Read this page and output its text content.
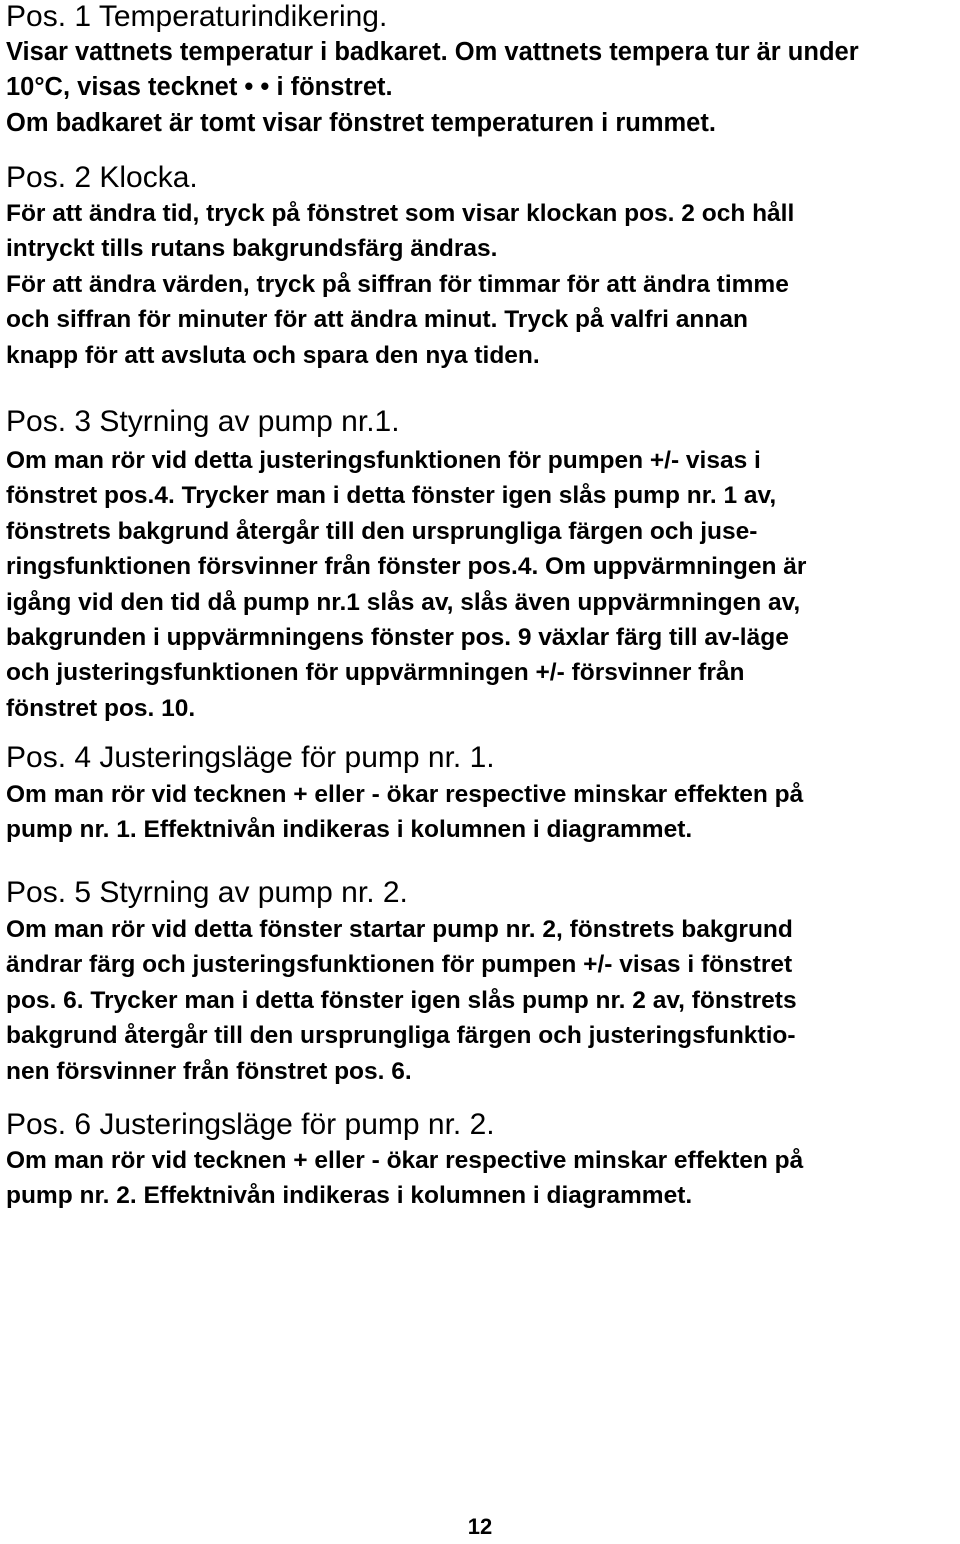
Pos. 1 Temperaturindikering.
Visar vattnets temperatur i badkaret. Om vattnets tempera tur är under
10°C, visas tecknet • • i fönstret.
Om badkaret är tomt visar fönstret temperaturen i rummet.
Pos. 2 Klocka.
För att ändra tid, tryck på fönstret som visar klockan pos. 2 och håll
intryckt tills rutans bakgrundsfärg ändras.
För att ändra värden, tryck på siffran för timmar för att ändra timme
och siffran för minuter för att ändra minut. Tryck på valfri annan
knapp för att avsluta och spara den nya tiden.
Pos. 3 Styrning av pump nr.1.
Om man rör vid detta justeringsfunktionen för pumpen +/- visas i
fönstret pos.4. Trycker man i detta fönster igen slås pump nr. 1 av,
fönstrets bakgrund återgår till den ursprungliga färgen och juse-
ringsfunktionen försvinner från fönster pos.4. Om uppvärmningen är
igång vid den tid då pump nr.1 slås av, slås även uppvärmningen av,
bakgrunden i uppvärmningens fönster pos. 9 växlar färg till av-läge
och justeringsfunktionen för uppvärmningen +/- försvinner från
fönstret pos. 10.
Pos. 4 Justeringsläge för pump nr. 1.
Om man rör vid tecknen + eller - ökar respective minskar effekten på
pump nr. 1. Effektnivån indikeras i kolumnen i diagrammet.
Pos. 5 Styrning av pump nr. 2.
Om man rör vid detta fönster startar pump nr. 2, fönstrets bakgrund
ändrar färg och justeringsfunktionen för pumpen +/- visas i fönstret
pos. 6. Trycker man i detta fönster igen slås pump nr. 2 av, fönstrets
bakgrund återgår till den ursprungliga färgen och justeringsfunktio-
nen försvinner från fönstret pos. 6.
Pos. 6 Justeringsläge för pump nr. 2.
Om man rör vid tecknen + eller - ökar respective minskar effekten på
pump nr. 2. Effektnivån indikeras i kolumnen i diagrammet.
12
